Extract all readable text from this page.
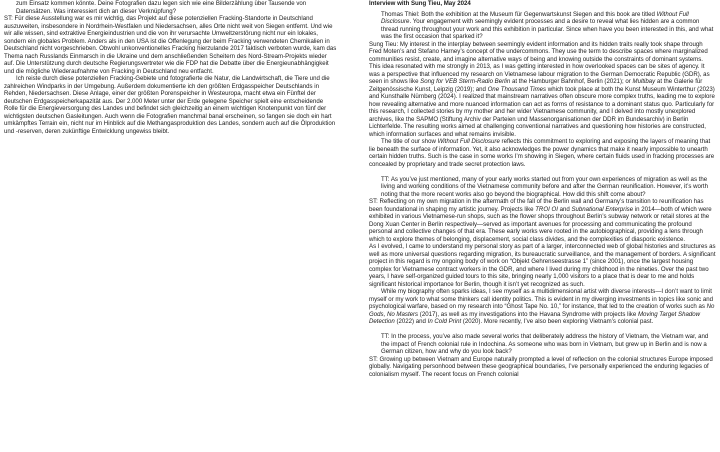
zum Einsatz kommen könnte. Deine Fotografien dazu legen sich wie eine Bilderzählung über Tausende von Datensätzen. Was interessiert dich an dieser Verknüpfung?

ST: Für diese Ausstellung war es mir wichtig, das Projekt auf diese potenziellen Fracking-Standorte in Deutschland auszuweiten, insbesondere in Nordrhein-Westfalen und Niedersachsen, alles Orte nicht weit von Siegen entfernt. Und wie wir alle wissen, sind extraktive Energieindustrien und die von ihr verursachte Umweltzerstörung nicht nur ein lokales, sondern ein globales Problem. Anders als in den USA ist die Offenlegung der beim Fracking verwendeten Chemikalien in Deutschland nicht vorgeschrieben. Obwohl unkonventionelles Fracking hierzulande 2017 faktisch verboten wurde, kam das Thema nach Russlands Einmarsch in die Ukraine und dem anschließenden Scheitern des Nord-Stream-Projekts wieder auf. Die Unterstützung durch deutsche Regierungsvertreter wie die FDP hat die Debatte über die Energieunabhängigkeit und die mögliche Wiederaufnahme von Fracking in Deutschland neu entfacht.

Ich reiste durch diese potenziellen Fracking-Gebiete und fotografierte die Natur, die Landwirtschaft, die Tiere und die zahlreichen Windparks in der Umgebung. Außerdem dokumentierte ich den größten Erdgasspeicher Deutschlands in Rehden, Niedersachsen. Diese Anlage, einer der größten Porenspeicher in Westeuropa, macht etwa ein Fünftel der deutschen Erdgasspeicherkapazität aus. Der 2.000 Meter unter der Erde gelegene Speicher spielt eine entscheidende Rolle für die Energieversorgung des Landes und befindet sich gleichzeitig an einem wichtigen Knotenpunkt von fünf der wichtigsten deutschen Gasleitungen. Auch wenn die Fotografien manchmal banal erscheinen, so fangen sie doch ein hart umkämpftes Terrain ein, nicht nur im Hinblick auf die Methangasproduktion des Landes, sondern auch auf die Ölproduktion und -reserven, deren zukünftige Entwicklung ungewiss bleibt.

Interview with Sung Tieu, May 2024

Thomas Thiel: Both the exhibition at the Museum für Gegenwartskunst Siegen and this book are titled Without Full Disclosure. Your engagement with seemingly evident processes and a desire to reveal what lies hidden are a common thread running throughout your work and this exhibition in particular. Since when have you been interested in this, and what was the first occasion that sparked it?

Sung Tieu: My interest in the interplay between seemingly evident information and its hidden traits really took shape through Fred Moten’s and Stefano Harney’s concept of the undercommons. They use the term to describe spaces where marginalized communities resist, create, and imagine alternative ways of being and knowing outside the constraints of dominant systems. This idea resonated with me strongly in 2013, as I was getting interested in how overlooked spaces can be sites of agency. It was a perspective that influenced my research on Vietnamese labour migration to the German Democratic Republic (GDR), as seen in shows like Song for VEB Sterm-Radio Berlin at the Hamburger Bahnhof, Berlin (2021); or Multibay at the Galerie für Zeitgenössische Kunst, Leipzig (2019); and One Thousand Times which took place at both the Kunst Museum Winterthur (2023) and Kunsthalle Nürnberg (2024). I realized that mainstream narratives often obscure more complex truths, leading me to explore how revealing alternative and more nuanced information can act as forms of resistance to a dominant status quo. Particularly for this research, I collected stories by my mother and her wider Vietnamese community, and I delved into mostly unexplored archives, like the SAPMO (Stiftung Archiv der Parteien und Massenorganisationen der DDR im Bundesarchiv) in Berlin Lichterfelde. The resulting works aimed at challenging conventional narratives and questioning how histories are constructed, which information surfaces and what remains invisible.

The title of our show Without Full Disclosure reflects this commitment to exploring and exposing the layers of meaning that lie beneath the surface of information. Yet, it also acknowledges the power dynamics that make it nearly impossible to unearth certain hidden truths. Such is the case in some works I’m showing in Siegen, where certain fluids used in fracking processes are concealed by proprietary and trade secret protection laws.

TT: As you’ve just mentioned, many of your early works started out from your own experiences of migration as well as the living and working conditions of the Vietnamese community before and after the German reunification. However, it’s worth noting that the more recent works also go beyond the biographical. How did this shift come about?

ST: Reflecting on my own migration in the aftermath of the fall of the Berlin wall and Germany’s transition to reunification has been foundational in shaping my artistic journey. Projects like TROI OI and Subnational Enterprise in 2014—both of which were exhibited in various Vietnamese-run shops, such as the flower shops throughout Berlin’s subway network or retail stores at the Dong Xuan Center in Berlin respectively—served as important avenues for processing and communicating the profound personal and collective changes of that era. These early works were rooted in the autobiographical, providing a lens through which to explore themes of belonging, displacement, social class divides, and the complexities of diasporic existence.

As I evolved, I came to understand my personal story as part of a larger, interconnected web of global histories and structures as well as more universal questions regarding migration, its bureaucratic surveillance, and the management of borders. A significant project in this regard is my ongoing body of work on “Objekt Gehrenseestrasse 1” (since 2001), once the largest housing complex for Vietnamese contract workers in the GDR, and where I lived during my childhood in the nineties. Over the past two years, I have self-organized guided tours to this site, bringing nearly 1,000 visitors to a place that is dear to me and holds significant historical importance for Berlin, though it isn’t yet recognized as such.

While my biography often sparks ideas, I see myself as a multidimensional artist with diverse interests—I don’t want to limit myself or my work to what some thinkers call identity politics. This is evident in my diverging investments in topics like sonic and psychological warfare, based on my research into “Ghost Tape No. 10,” for instance, that led to the creation of works such as No Gods, No Masters (2017), as well as my investigations into the Havana Syndrome with projects like Moving Target Shadow Detection (2022) and In Cold Print (2020). More recently, I’ve also been exploring Vietnam’s colonial past.

TT: In the process, you’ve also made several works that deliberately address the history of Vietnam, the Vietnam war, and the impact of French colonial rule in Indochina. As someone who was born in Vietnam, but grew up in Berlin and is now a German citizen, how and why do you look back?

ST: Growing up between Vietnam and Europe naturally prompted a level of reflection on the colonial structures Europe imposed globally. Navigating personhood between these geographical boundaries, I’ve personally experienced the enduring legacies of colonialism myself. The recent focus on French colonial
